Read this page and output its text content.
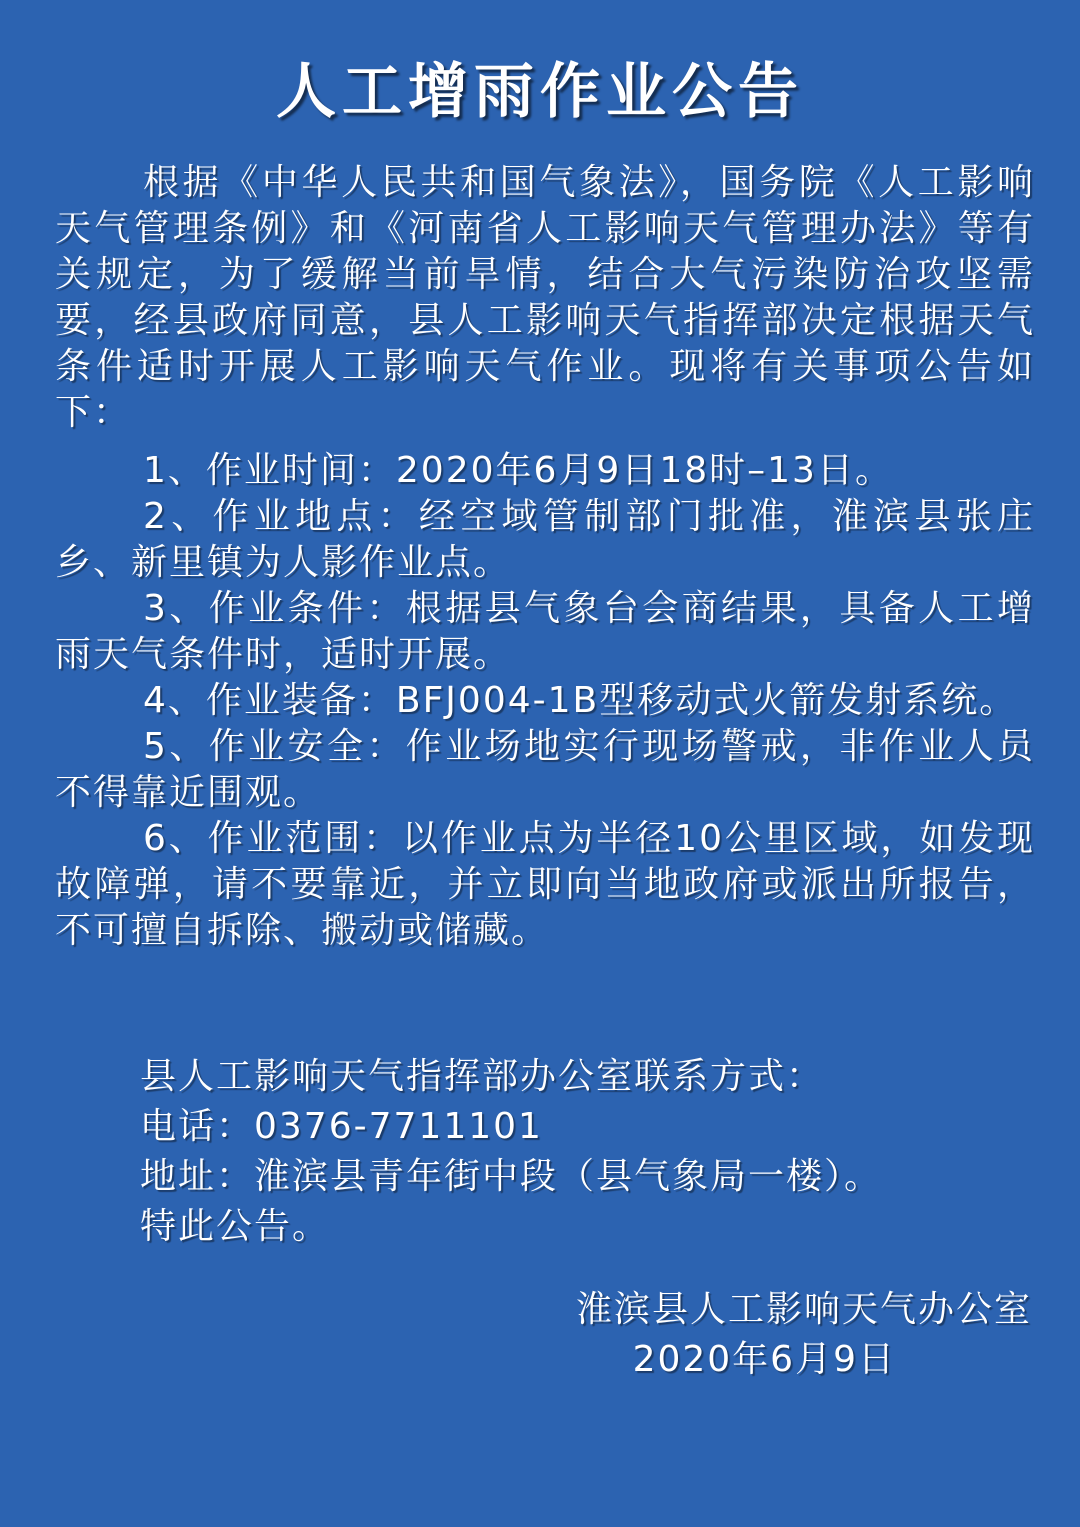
人工增雨作业公告

根据《中华人民共和国气象法》，国务院《人工影响天气管理条例》和《河南省人工影响天气管理办法》等有关规定，为了缓解当前旱情，结合大气污染防治攻坚需要，经县政府同意，县人工影响天气指挥部决定根据天气条件适时开展人工影响天气作业。现将有关事项公告如下：

1、作业时间：2020年6月9日18时–13日。

2、作业地点：经空域管制部门批准，淮滨县张庄乡、新里镇为人影作业点。

3、作业条件：根据县气象台会商结果，具备人工增雨天气条件时，适时开展。

4、作业装备：BFJ004-1B型移动式火箭发射系统。

5、作业安全：作业场地实行现场警戒，非作业人员不得靠近围观。

6、作业范围：以作业点为半径10公里区域，如发现故障弹，请不要靠近，并立即向当地政府或派出所报告，不可擅自拆除、搬动或储藏。

县人工影响天气指挥部办公室联系方式：
电话：0376-7711101
地址：淮滨县青年街中段（县气象局一楼）。
特此公告。
淮滨县人工影响天气办公室
2020年6月9日
